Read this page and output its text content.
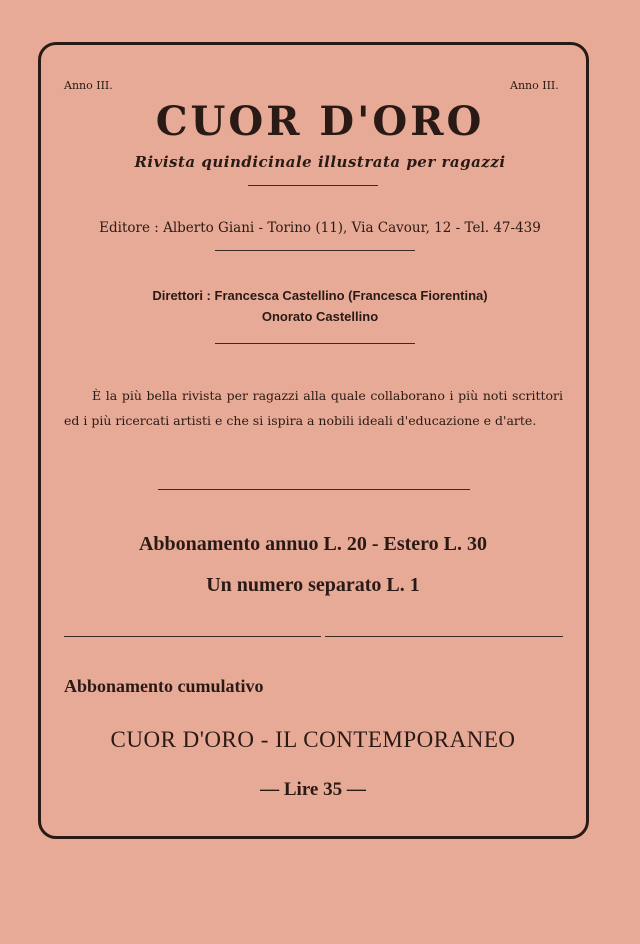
Anno III.	Anno III.
CUOR D'ORO
Rivista quindicinale illustrata per ragazzi
Editore : Alberto Giani - Torino (11), Via Cavour, 12 - Tel. 47-439
Direttori : Francesca Castellino (Francesca Fiorentina)
Onorato Castellino
È la più bella rivista per ragazzi alla quale collaborano i più noti scrittori ed i più ricercati artisti e che si ispira a nobili ideali d'educazione e d'arte.
Abbonamento annuo L. 20 - Estero L. 30
Un numero separato L. 1
Abbonamento cumulativo
CUOR D'ORO - IL CONTEMPORANEO
— Lire 35 —
